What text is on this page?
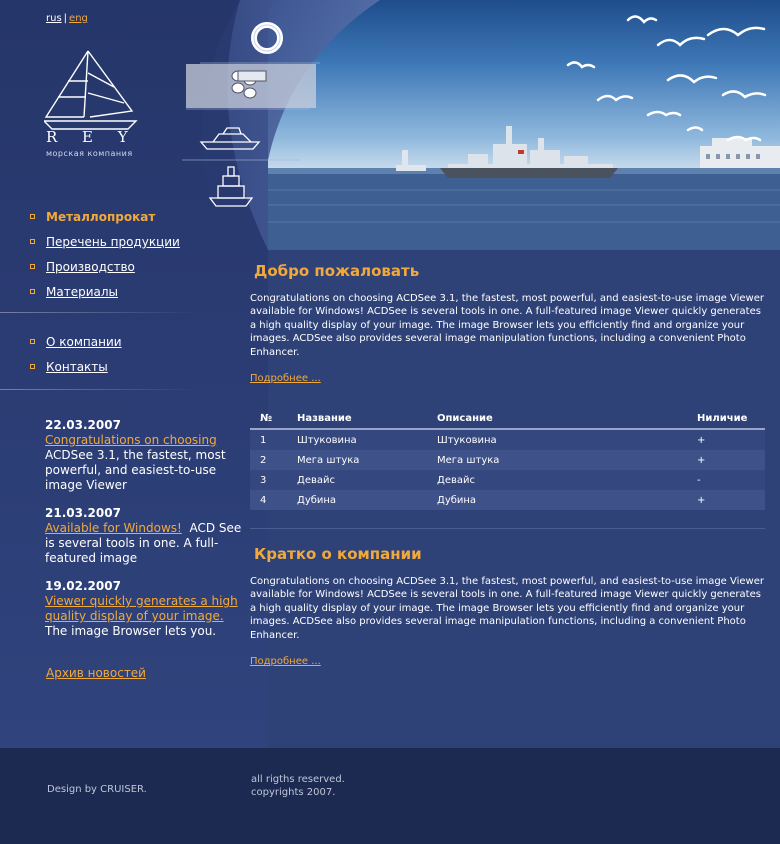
rus | eng
R E Y
морская компания
Металлопрокат
Перечень продукции
Производство
Материалы
О компании
Контакты
22.03.2007
Congratulations on choosing ACDSee 3.1, the fastest, most powerful, and easiest-to-use image Viewer
21.03.2007
Available for Windows! ACD See is several tools in one. A full-featured image
19.02.2007
Viewer quickly generates a high quality display of your image. The image Browser lets you.
Архив новостей
Добро пожаловать

Congratulations on choosing ACDSee 3.1, the fastest, most powerful, and easiest-to-use image Viewer available for Windows! ACDSee is several tools in one. A full-featured image Viewer quickly generates a high quality display of your image. The image Browser lets you efficiently find and organize your images. ACDSee also provides several image manipulation functions, including a convenient Photo Enhancer.

Подробнее ...
№	Название	Описание	Ниличие
1	Штуковина	Штуковина	+
2	Мега штука	Мега штука	+
3	Девайс	Девайс	-
4	Дубина	Дубина	+
Кратко о компании

Congratulations on choosing ACDSee 3.1, the fastest, most powerful, and easiest-to-use image Viewer available for Windows! ACDSee is several tools in one. A full-featured image Viewer quickly generates a high quality display of your image. The image Browser lets you efficiently find and organize your images. ACDSee also provides several image manipulation functions, including a convenient Photo Enhancer.

Подробнее ...
Design by CRUISER.
all rigths reserved.
copyrights 2007.
